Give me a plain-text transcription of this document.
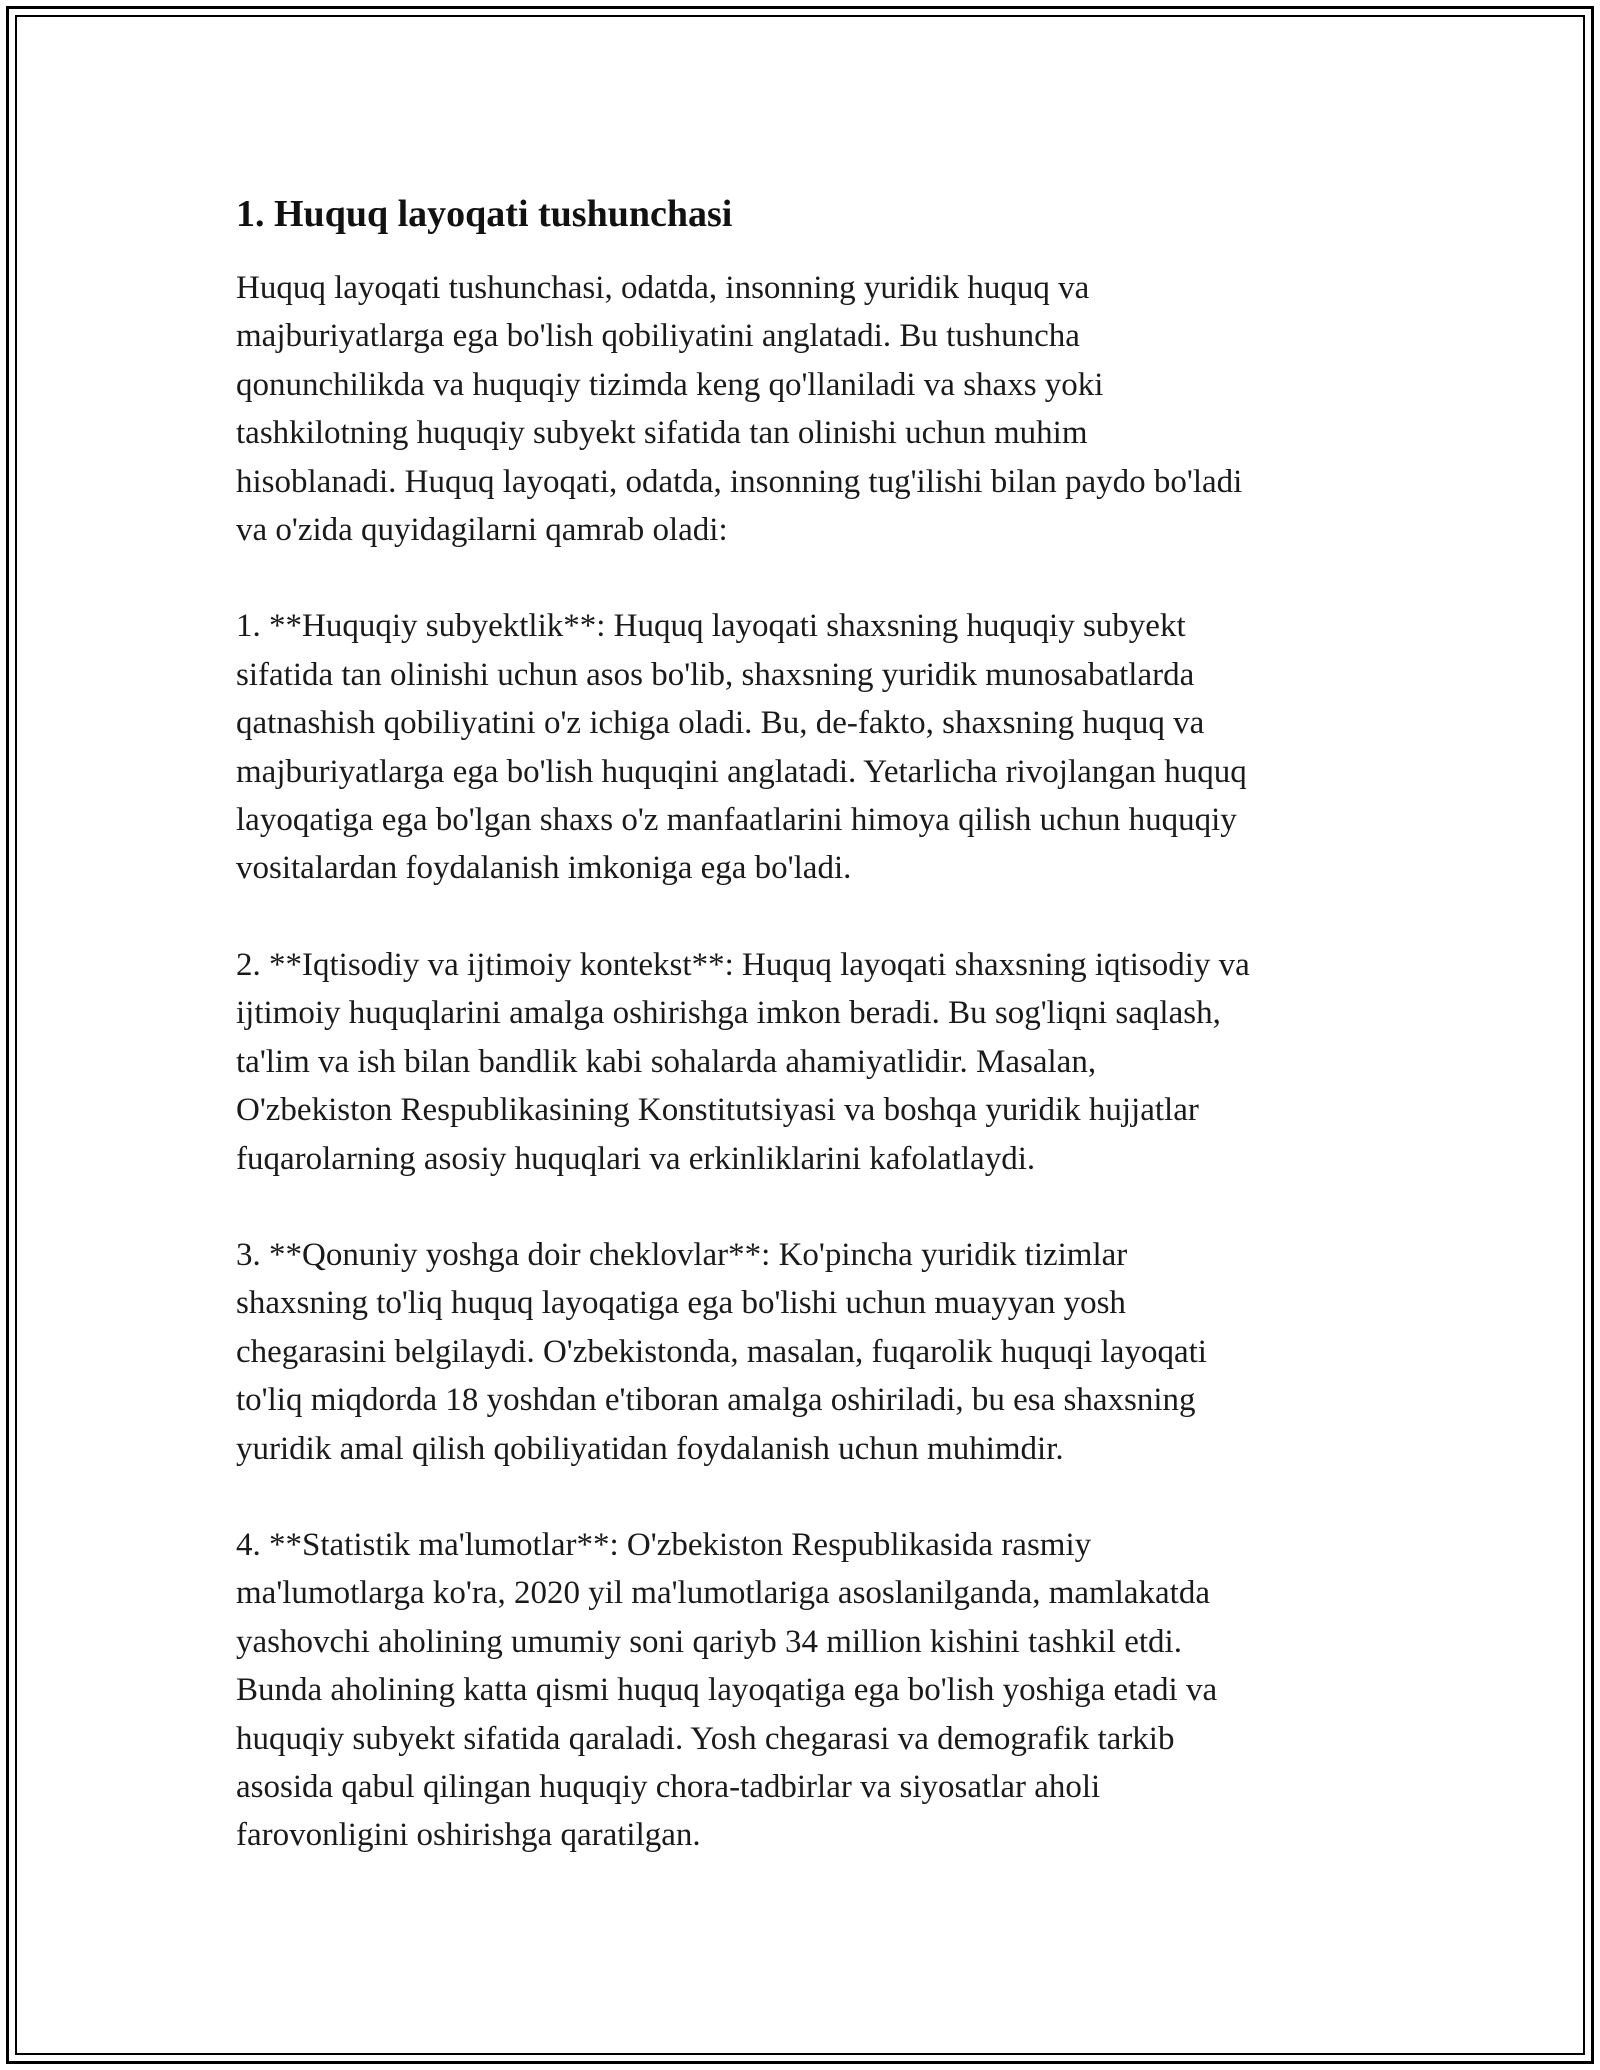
1. Huquq layoqati tushunchasi

Huquq layoqati tushunchasi, odatda, insonning yuridik huquq va
majburiyatlarga ega bo'lish qobiliyatini anglatadi. Bu tushuncha
qonunchilikda va huquqiy tizimda keng qo'llaniladi va shaxs yoki
tashkilotning huquqiy subyekt sifatida tan olinishi uchun muhim
hisoblanadi. Huquq layoqati, odatda, insonning tug'ilishi bilan paydo bo'ladi
va o'zida quyidagilarni qamrab oladi:

1. **Huquqiy subyektlik**: Huquq layoqati shaxsning huquqiy subyekt
sifatida tan olinishi uchun asos bo'lib, shaxsning yuridik munosabatlarda
qatnashish qobiliyatini o'z ichiga oladi. Bu, de-fakto, shaxsning huquq va
majburiyatlarga ega bo'lish huquqini anglatadi. Yetarlicha rivojlangan huquq
layoqatiga ega bo'lgan shaxs o'z manfaatlarini himoya qilish uchun huquqiy
vositalardan foydalanish imkoniga ega bo'ladi.

2. **Iqtisodiy va ijtimoiy kontekst**: Huquq layoqati shaxsning iqtisodiy va
ijtimoiy huquqlarini amalga oshirishga imkon beradi. Bu sog'liqni saqlash,
ta'lim va ish bilan bandlik kabi sohalarda ahamiyatlidir. Masalan,
O'zbekiston Respublikasining Konstitutsiyasi va boshqa yuridik hujjatlar
fuqarolarning asosiy huquqlari va erkinliklarini kafolatlaydi.

3. **Qonuniy yoshga doir cheklovlar**: Ko'pincha yuridik tizimlar
shaxsning to'liq huquq layoqatiga ega bo'lishi uchun muayyan yosh
chegarasini belgilaydi. O'zbekistonda, masalan, fuqarolik huquqi layoqati
to'liq miqdorda 18 yoshdan e'tiboran amalga oshiriladi, bu esa shaxsning
yuridik amal qilish qobiliyatidan foydalanish uchun muhimdir.

4. **Statistik ma'lumotlar**: O'zbekiston Respublikasida rasmiy
ma'lumotlarga ko'ra, 2020 yil ma'lumotlariga asoslanilganda, mamlakatda
yashovchi aholining umumiy soni qariyb 34 million kishini tashkil etdi.
Bunda aholining katta qismi huquq layoqatiga ega bo'lish yoshiga etadi va
huquqiy subyekt sifatida qaraladi. Yosh chegarasi va demografik tarkib
asosida qabul qilingan huquqiy chora-tadbirlar va siyosatlar aholi
farovonligini oshirishga qaratilgan.
